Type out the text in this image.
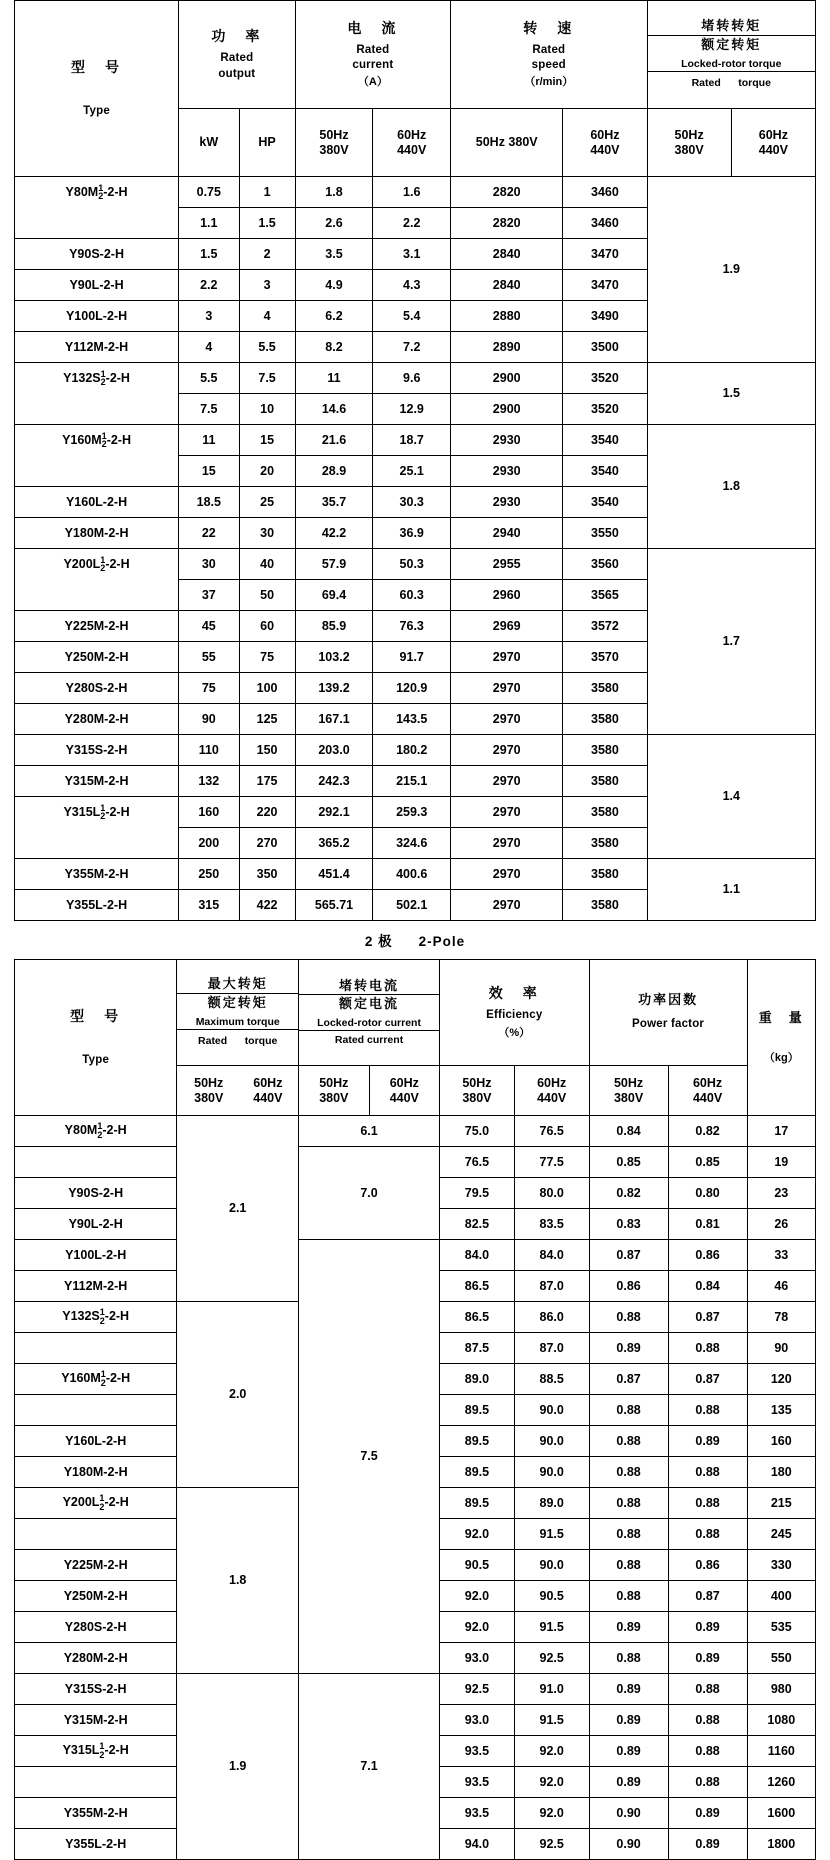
型　号
Type	功　率
Rated
output		电　流
Rated
current
（A）		转　速
Rated
speed
（r/min）		堵转转矩
额定转矩
Locked-rotor torque
Rated torque	

	kW	HP	50Hz
380V	60Hz
440V	50Hz 380V	60Hz
440V	50Hz
380V	60Hz
440V

Y80M 1
2 -2-H	0.75	1	1.8	1.6	2820	3460	1.9	
	1.1	1.5	2.6	2.2	2820	3460		
Y90S-2-H	1.5	2	3.5	3.1	2840	3470		
Y90L-2-H	2.2	3	4.9	4.3	2840	3470		
Y100L-2-H	3	4	6.2	5.4	2880	3490		
Y112M-2-H	4	5.5	8.2	7.2	2890	3500		
Y132S 1
2 -2-H	5.5	7.5	11	9.6	2900	3520	1.5	
	7.5	10	14.6	12.9	2900	3520		
Y160M 1
2 -2-H	11	15	21.6	18.7	2930	3540	1.8	
	15	20	28.9	25.1	2930	3540		
Y160L-2-H	18.5	25	35.7	30.3	2930	3540		
Y180M-2-H	22	30	42.2	36.9	2940	3550		
Y200L 1
2 -2-H	30	40	57.9	50.3	2955	3560	1.7	
	37	50	69.4	60.3	2960	3565		
Y225M-2-H	45	60	85.9	76.3	2969	3572		
Y250M-2-H	55	75	103.2	91.7	2970	3570		
Y280S-2-H	75	100	139.2	120.9	2970	3580		
Y280M-2-H	90	125	167.1	143.5	2970	3580		
Y315S-2-H	110	150	203.0	180.2	2970	3580	1.4	
Y315M-2-H	132	175	242.3	215.1	2970	3580		
Y315L 1
2 -2-H	160	220	292.1	259.3	2970	3580		
	200	270	365.2	324.6	2970	3580		
Y355M-2-H	250	350	451.4	400.6	2970	3580	1.1	
Y355L-2-H	315	422	565.71	502.1	2970	3580		
2 极 2-Pole
型　号
Type	最大转矩
额定转矩
Maximum torque
Rated torque	堵转电流
额定电流
Locked-rotor current
Rated current		效　率
Efficiency
（%）		功率因数
Power factor		重　量
（kg）

	50Hz
380V
60Hz
440V	50Hz
380V	60Hz
440V	50Hz
380V	60Hz
440V	50Hz
380V	60Hz
440V	

Y80M 1
2 -2-H	2.1	6.1		75.0	76.5	0.84	0.82	17
		7.0		76.5	77.5	0.85	0.85	19
Y90S-2-H				79.5	80.0	0.82	0.80	23
Y90L-2-H				82.5	83.5	0.83	0.81	26
Y100L-2-H		7.5		84.0	84.0	0.87	0.86	33
Y112M-2-H				86.5	87.0	0.86	0.84	46
Y132S 1
2 -2-H	2.0			86.5	86.0	0.88	0.87	78
				87.5	87.0	0.89	0.88	90
Y160M 1
2 -2-H				89.0	88.5	0.87	0.87	120
				89.5	90.0	0.88	0.88	135
Y160L-2-H				89.5	90.0	0.88	0.89	160
Y180M-2-H				89.5	90.0	0.88	0.88	180
Y200L 1
2 -2-H	1.8			89.5	89.0	0.88	0.88	215
				92.0	91.5	0.88	0.88	245
Y225M-2-H				90.5	90.0	0.88	0.86	330
Y250M-2-H				92.0	90.5	0.88	0.87	400
Y280S-2-H				92.0	91.5	0.89	0.89	535
Y280M-2-H				93.0	92.5	0.88	0.89	550
Y315S-2-H	1.9	7.1		92.5	91.0	0.89	0.88	980
Y315M-2-H				93.0	91.5	0.89	0.88	1080
Y315L 1
2 -2-H				93.5	92.0	0.89	0.88	1160
				93.5	92.0	0.89	0.88	1260
Y355M-2-H				93.5	92.0	0.90	0.89	1600
Y355L-2-H				94.0	92.5	0.90	0.89	1800
